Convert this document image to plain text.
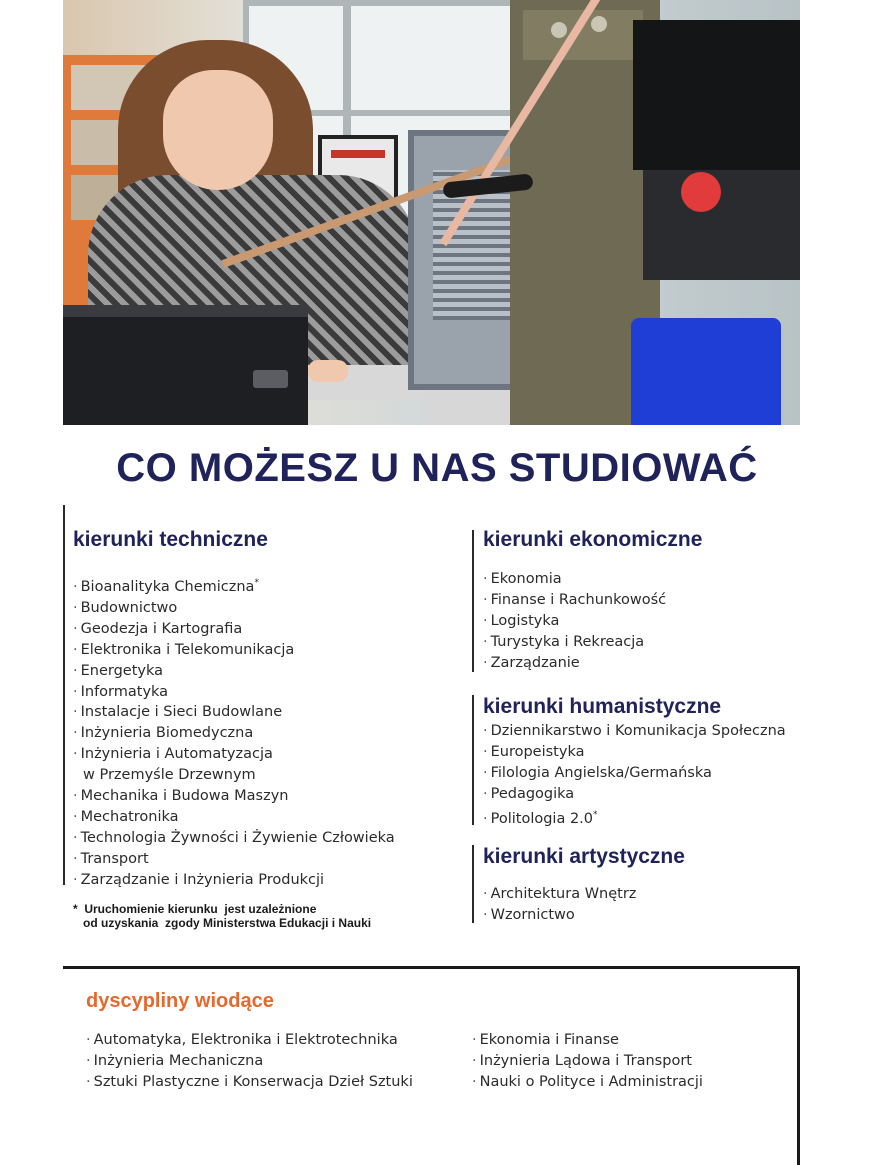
CO MOŻESZ U NAS STUDIOWAĆ
kierunki techniczne
· Bioanalityka Chemiczna*
· Budownictwo
· Geodezja i Kartografia
· Elektronika i Telekomunikacja
· Energetyka
· Informatyka
· Instalacje i Sieci Budowlane
· Inżynieria Biomedyczna
· Inżynieria i Automatyzacja
w Przemyśle Drzewnym
· Mechanika i Budowa Maszyn
· Mechatronika
· Technologia Żywności i Żywienie Człowieka
· Transport
· Zarządzanie i Inżynieria Produkcji
*  Uruchomienie kierunku  jest uzależnione
od uzyskania  zgody Ministerstwa Edukacji i Nauki
kierunki ekonomiczne
· Ekonomia
· Finanse i Rachunkowość
· Logistyka
· Turystyka i Rekreacja
· Zarządzanie
kierunki humanistyczne
· Dziennikarstwo i Komunikacja Społeczna
· Europeistyka
· Filologia Angielska/Germańska
· Pedagogika
· Politologia 2.0*
kierunki artystyczne
· Architektura Wnętrz
· Wzornictwo
dyscypliny wiodące
· Automatyka, Elektronika i Elektrotechnika
· Inżynieria Mechaniczna
· Sztuki Plastyczne i Konserwacja Dzieł Sztuki
· Ekonomia i Finanse
· Inżynieria Lądowa i Transport
· Nauki o Polityce i Administracji
